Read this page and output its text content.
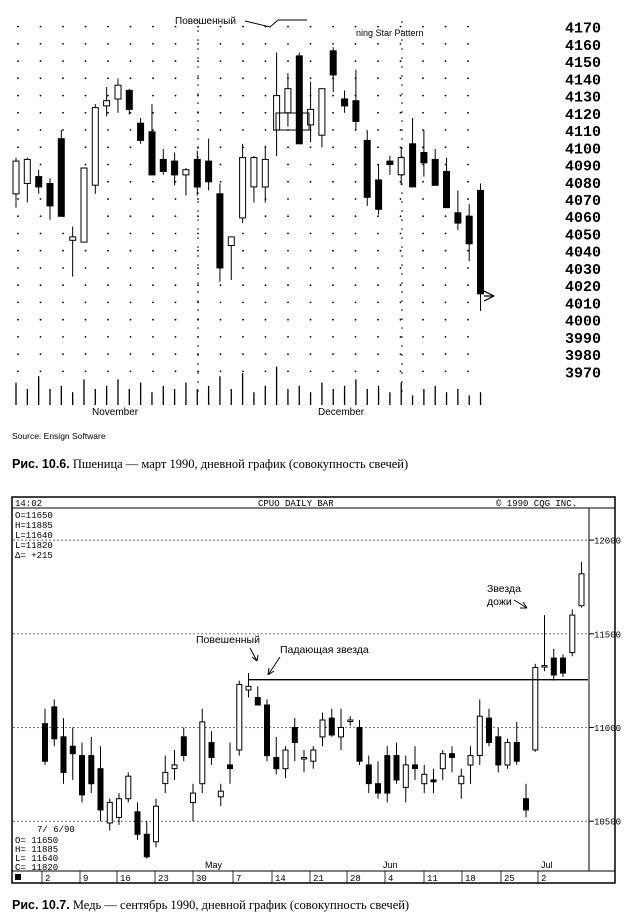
4170
4160
4150
4140
4130
4120
4110
4100
4090
4080
4070
4060
4050
4040
4030
4020
4010
4000
3990
3980
3970
Повешенный
ning Star Pattern
November	December
Source: Ensign Software
Рис. 10.6. Пшеница — март 1990, дневной график (совокупность свечей)
10500
11000
11500
12000
2	9	16	23	30	7	14	21	28	4	11	18	25	2
14:02	CPUO DAILY BAR	© 1990 CQG INC.
O=11650
H=11885
L=11640
L=11820
Δ= +215
7/ 6/90
O= 11650
H= 11885
L= 11640
C= 11820
Повешенный
Падающая звезда
Звезда
дожи
May	Jun	Jul
Рис. 10.7. Медь — сентябрь 1990, дневной график (совокупность свечей)
